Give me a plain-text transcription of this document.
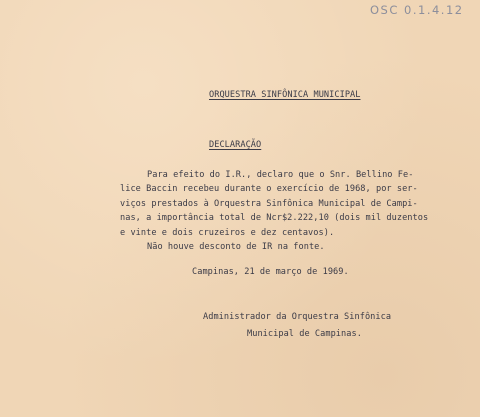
OSC 0.1.4.12
ORQUESTRA SINFÔNICA MUNICIPAL
DECLARAÇÃO
Para efeito do I.R., declaro que o Snr. Bellino Fe-
lice Baccin recebeu durante o exercício de 1968, por ser-
viços prestados à Orquestra Sinfônica Municipal de Campi-
nas, a importância total de Ncr$2.222,10 (dois mil duzentos
e vinte e dois cruzeiros e dez centavos).
Não houve desconto de IR na fonte.
Campinas, 21 de março de 1969.
Administrador da Orquestra Sinfônica
Municipal de Campinas.
